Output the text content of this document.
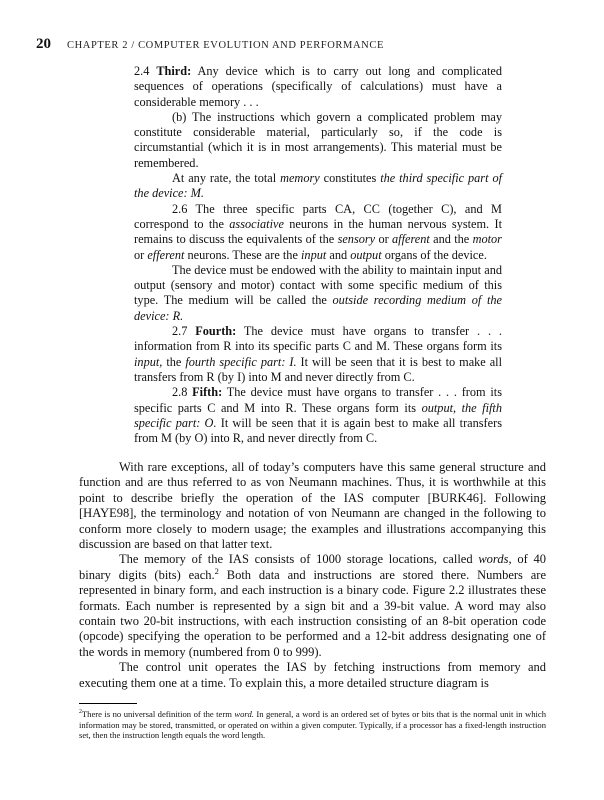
20 CHAPTER 2 / COMPUTER EVOLUTION AND PERFORMANCE

2.4 Third: Any device which is to carry out long and complicated sequences of operations (specifically of calculations) must have a considerable memory . . .

(b) The instructions which govern a complicated problem may constitute considerable material, particularly so, if the code is circumstantial (which it is in most arrangements). This material must be remembered.

At any rate, the total memory constitutes the third specific part of the device: M.

2.6 The three specific parts CA, CC (together C), and M correspond to the associative neurons in the human nervous system. It remains to discuss the equivalents of the sensory or afferent and the motor or efferent neurons. These are the input and output organs of the device.

The device must be endowed with the ability to maintain input and output (sensory and motor) contact with some specific medium of this type. The medium will be called the outside recording medium of the device: R.

2.7 Fourth: The device must have organs to transfer . . . information from R into its specific parts C and M. These organs form its input, the fourth specific part: I. It will be seen that it is best to make all transfers from R (by I) into M and never directly from C.

2.8 Fifth: The device must have organs to transfer . . . from its specific parts C and M into R. These organs form its output, the fifth specific part: O. It will be seen that it is again best to make all transfers from M (by O) into R, and never directly from C.

With rare exceptions, all of today’s computers have this same general structure and function and are thus referred to as von Neumann machines. Thus, it is worthwhile at this point to describe briefly the operation of the IAS computer [BURK46]. Following [HAYE98], the terminology and notation of von Neumann are changed in the following to conform more closely to modern usage; the examples and illustrations accompanying this discussion are based on that latter text.

The memory of the IAS consists of 1000 storage locations, called words, of 40 binary digits (bits) each.$^2$ Both data and instructions are stored there. Numbers are represented in binary form, and each instruction is a binary code. Figure 2.2 illustrates these formats. Each number is represented by a sign bit and a 39-bit value. A word may also contain two 20-bit instructions, with each instruction consisting of an 8-bit operation code (opcode) specifying the operation to be performed and a 12-bit address designating one of the words in memory (numbered from 0 to 999).

The control unit operates the IAS by fetching instructions from memory and executing them one at a time. To explain this, a more detailed structure diagram is

$^2$There is no universal definition of the term word. In general, a word is an ordered set of bytes or bits that is the normal unit in which information may be stored, transmitted, or operated on within a given computer. Typically, if a processor has a fixed-length instruction set, then the instruction length equals the word length.
